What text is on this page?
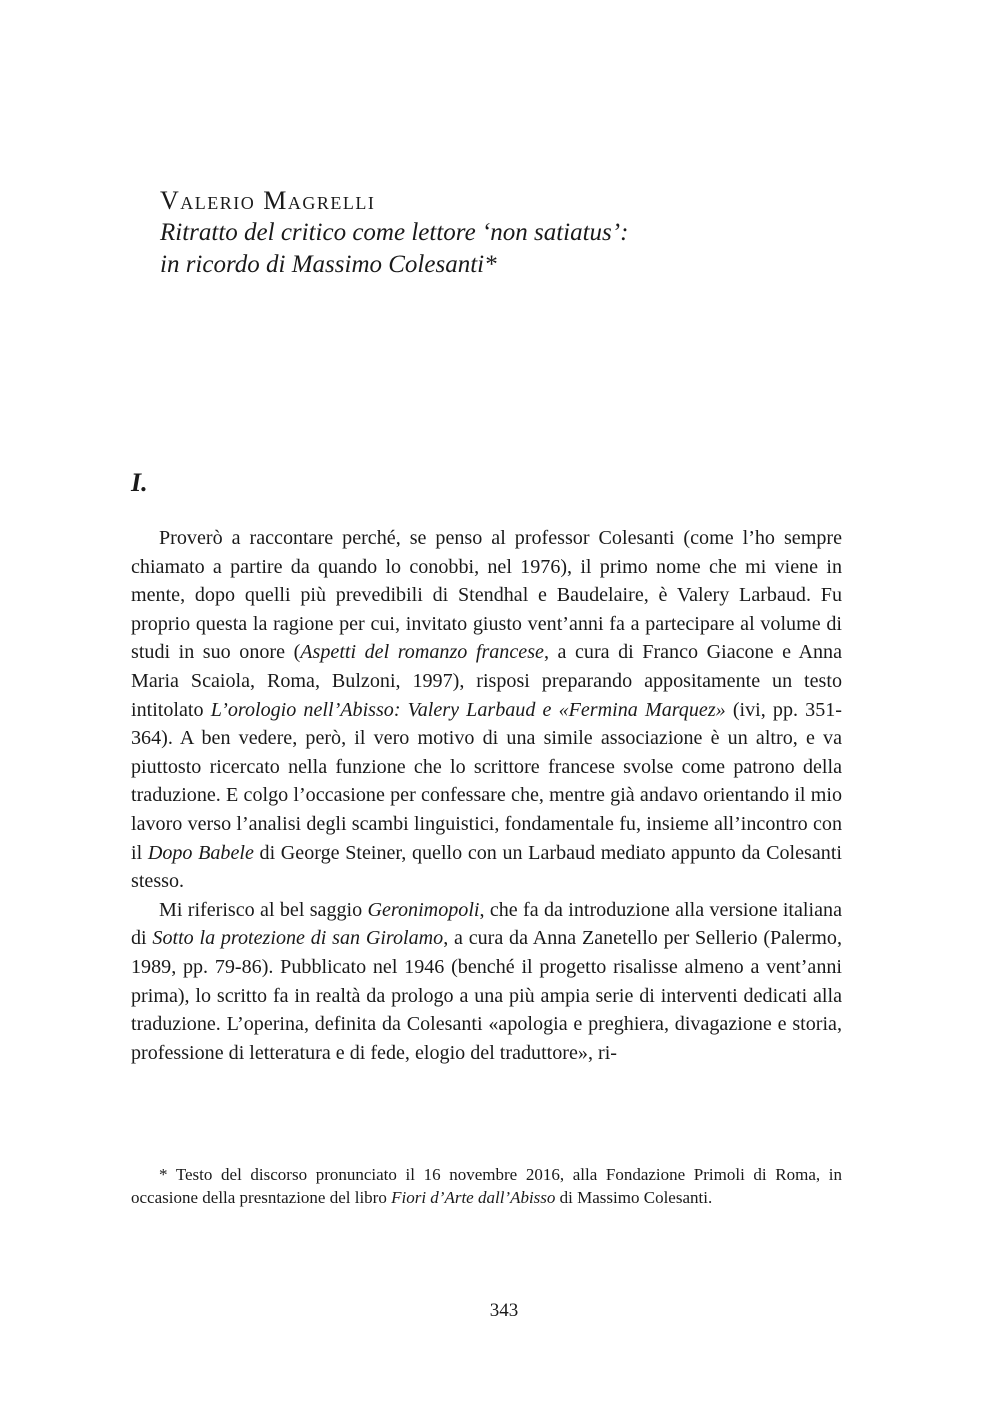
Valerio Magrelli

Ritratto del critico come lettore ‘non satiatus’:

in ricordo di Massimo Colesanti*

I.

Proverò a raccontare perché, se penso al professor Colesanti (come l’ho sempre chiamato a partire da quando lo conobbi, nel 1976), il primo nome che mi viene in mente, dopo quelli più prevedibili di Stendhal e Baudelaire, è Valery Larbaud. Fu proprio questa la ragione per cui, invitato giusto vent’anni fa a partecipare al volume di studi in suo onore (Aspetti del romanzo francese, a cura di Franco Giacone e Anna Maria Scaiola, Roma, Bulzoni, 1997), risposi preparando appositamente un testo intitolato L’orologio nell’Abisso: Valery Larbaud e «Fermina Marquez» (ivi, pp. 351-364). A ben vedere, però, il vero motivo di una simile associazione è un altro, e va piuttosto ricercato nella funzione che lo scrittore francese svolse come patrono della traduzione. E colgo l’occasione per confessare che, mentre già andavo orientando il mio lavoro verso l’analisi degli scambi linguistici, fondamentale fu, insieme all’incontro con il Dopo Babele di George Steiner, quello con un Larbaud mediato appunto da Colesanti stesso.

Mi riferisco al bel saggio Geronimopoli, che fa da introduzione alla versione italiana di Sotto la protezione di san Girolamo, a cura da Anna Zanetello per Sellerio (Palermo, 1989, pp. 79-86). Pubblicato nel 1946 (benché il progetto risalisse almeno a vent’anni prima), lo scritto fa in realtà da prologo a una più ampia serie di interventi dedicati alla traduzione. L’operina, definita da Colesanti «apologia e preghiera, divagazione e storia, professione di letteratura e di fede, elogio del traduttore», ri-

* Testo del discorso pronunciato il 16 novembre 2016, alla Fondazione Primoli di Roma, in occasione della presntazione del libro Fiori d’Arte dall’Abisso di Massimo Colesanti.

343
